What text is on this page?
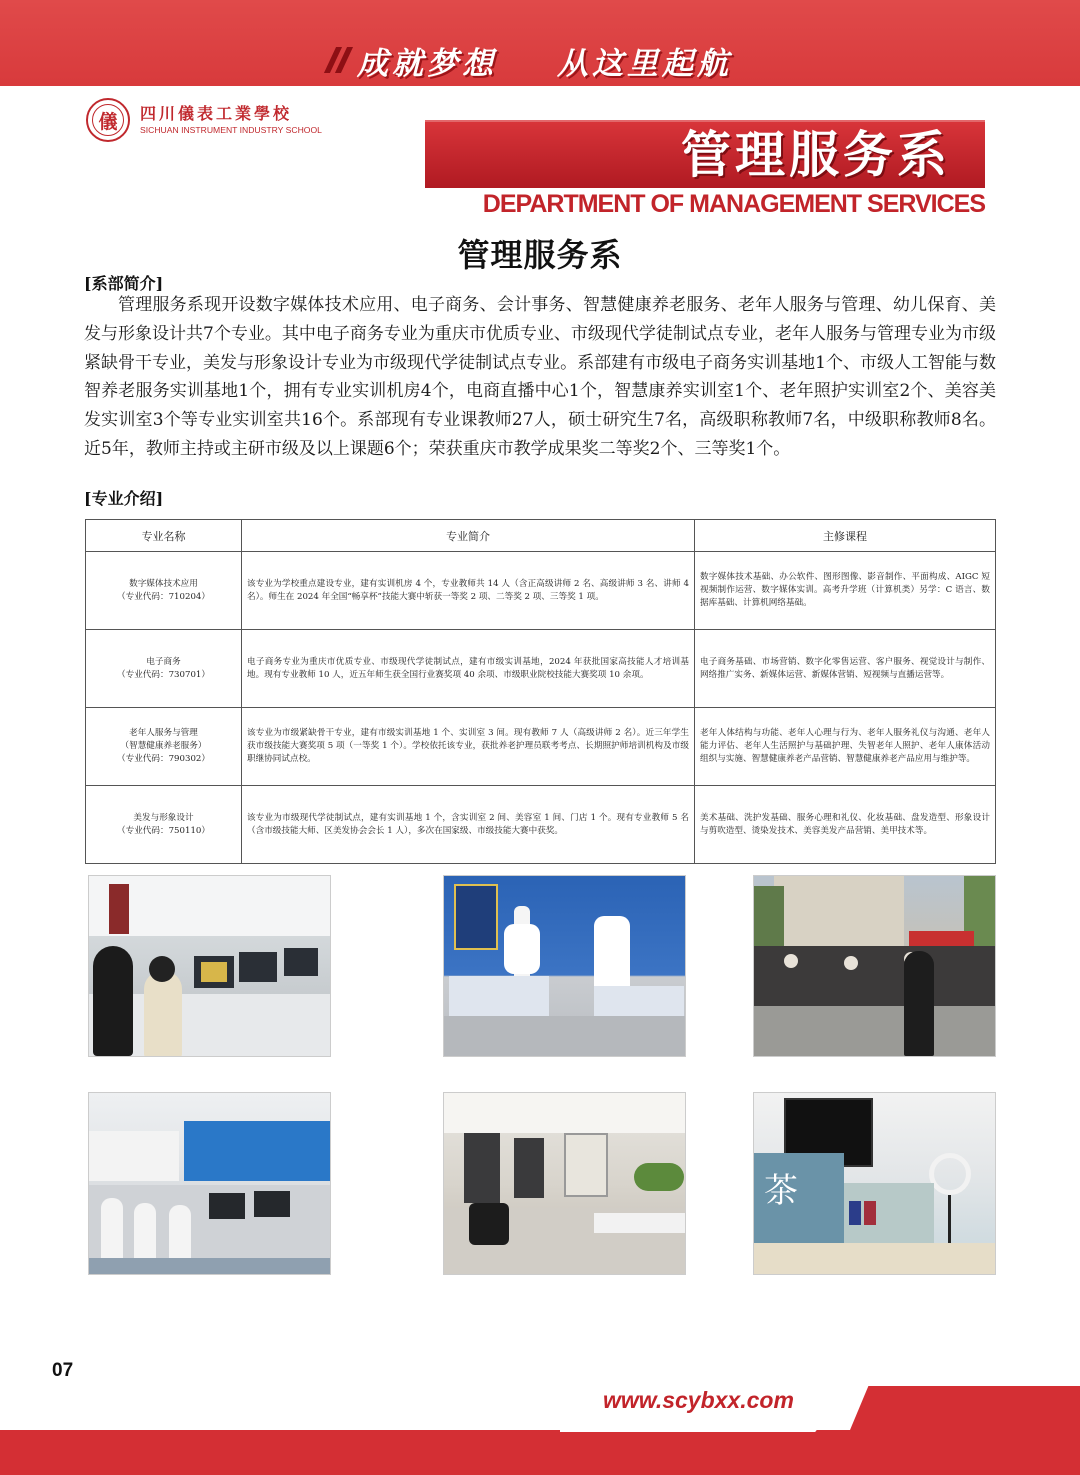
成就梦想 从这里起航
儀 四川儀表工業學校
SICHUAN INSTRUMENT INDUSTRY SCHOOL	管理服务系
DEPARTMENT OF MANAGEMENT SERVICES
管理服务系
[系部简介]

管理服务系现开设数字媒体技术应用、电子商务、会计事务、智慧健康养老服务、老年人服务与管理、幼儿保育、美发与形象设计共7个专业。其中电子商务专业为重庆市优质专业、市级现代学徒制试点专业，老年人服务与管理专业为市级紧缺骨干专业，美发与形象设计专业为市级现代学徒制试点专业。系部建有市级电子商务实训基地1个、市级人工智能与数智养老服务实训基地1个，拥有专业实训机房4个，电商直播中心1个，智慧康养实训室1个、老年照护实训室2个、美容美发实训室3个等专业实训室共16个。系部现有专业课教师27人，硕士研究生7名，高级职称教师7名，中级职称教师8名。近5年，教师主持或主研市级及以上课题6个；荣获重庆市教学成果奖二等奖2个、三等奖1个。

[专业介绍]
专业名称	专业简介	主修课程

数字媒体技术应用
（专业代码：710204）	该专业为学校重点建设专业，建有实训机房 4 个，专业教师共 14 人（含正高级讲师 2 名、高级讲师 3 名、讲师 4 名）。师生在 2024 年全国“畅享杯”技能大赛中斩获一等奖 2 项、二等奖 2 项、三等奖 1 项。	数字媒体技术基础、办公软件、图形图像、影音制作、平面构成、AIGC 短视频制作运营、数字媒体实训。高考升学班（计算机类）另学：C 语言、数据库基础、计算机网络基础。

电子商务
（专业代码：730701）	电子商务专业为重庆市优质专业、市级现代学徒制试点，建有市级实训基地，2024 年获批国家高技能人才培训基地。现有专业教师 10 人，近五年师生获全国行业赛奖项 40 余项、市级职业院校技能大赛奖项 10 余项。	电子商务基础、市场营销、数字化零售运营、客户服务、视觉设计与制作、网络推广实务、新媒体运营、新媒体营销、短视频与直播运营等。

老年人服务与管理
（智慧健康养老服务）
（专业代码：790302）	该专业为市级紧缺骨干专业，建有市级实训基地 1 个、实训室 3 间。现有教师 7 人（高级讲师 2 名）。近三年学生获市级技能大赛奖项 5 项（一等奖 1 个）。学校依托该专业，获批养老护理员联考考点、长期照护师培训机构及市级职继协同试点校。	老年人体结构与功能、老年人心理与行为、老年人服务礼仪与沟通、老年人能力评估、老年人生活照护与基础护理、失智老年人照护、老年人康体活动组织与实施、智慧健康养老产品营销、智慧健康养老产品应用与维护等。

美发与形象设计
（专业代码：750110）	该专业为市级现代学徒制试点，建有实训基地 1 个，含实训室 2 间、美容室 1 间、门店 1 个。现有专业教师 5 名（含市级技能大师、区美发协会会长 1 人），多次在国家级、市级技能大赛中获奖。	美术基础、洗护发基础、服务心理和礼仪、化妆基础、盘发造型、形象设计与剪吹造型、烫染发技术、美容美发产品营销、美甲技术等。
茶
07
www.scybxx.com
